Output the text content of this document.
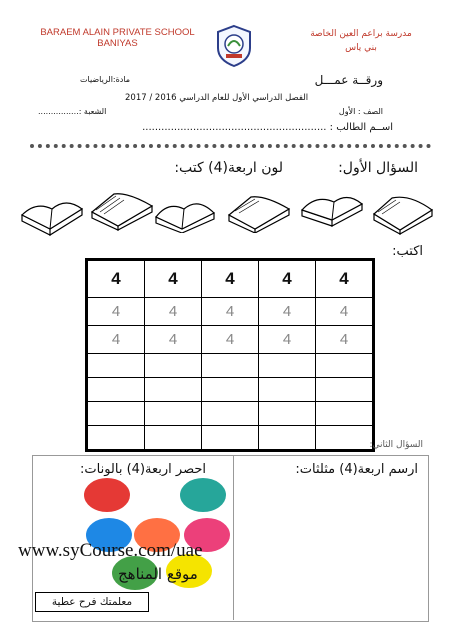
BARAEM ALAIN PRIVATE SCHOOL BANIYAS
مدرسة براعم العين الخاصة
بني ياس
ورقــة عمـــل
مادة:الرياضيات
الفصل الدراسي الأول للعام الدراسي 2016 / 2017
الصف : الأول
الشعبة :................
اســم الطالب : ..........................................................
السؤال الأول:
لون اربعة(4) كتب:
اكتب:
4	4	4	4	4
4	4	4	4	4
4	4	4	4	4

السؤال الثاني:
ارسم اربعة(4) مثلثات:
احصر اربعة(4) بالونات:
www.syCourse.com/uae
موقع المناهج
معلمتك فرح عطية
